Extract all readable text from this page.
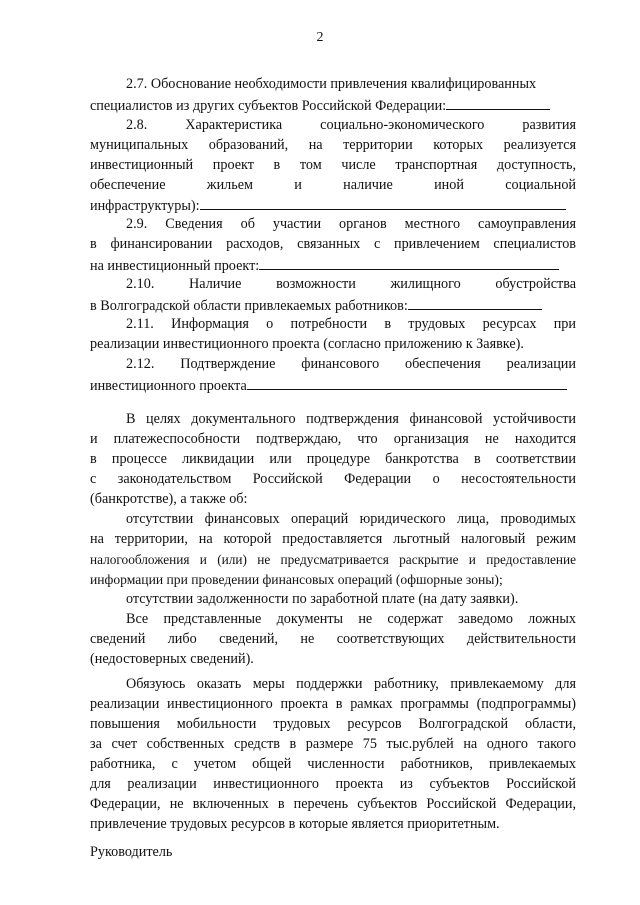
2
2.7. Обоснование необходимости привлечения квалифицированных
специалистов из других субъектов Российской Федерации:
2.8.	Характеристика	социально-экономического	развития
муниципальных образований, на территории которых реализуется
инвестиционный проект в том числе транспортная доступность,
обеспечение	жильем	и	наличие	иной	социальной
инфраструктуры):
2.9. Сведения об участии органов местного самоуправления
в финансировании расходов, связанных с привлечением специалистов
на инвестиционный проект:
2.10. Наличие возможности жилищного обустройства
в Волгоградской области привлекаемых работников:
2.11. Информация о потребности в трудовых ресурсах при
реализации инвестиционного проекта (согласно приложению к Заявке).
2.12. Подтверждение финансового обеспечения реализации
инвестиционного проекта
В целях документального подтверждения финансовой устойчивости
и платежеспособности подтверждаю, что организация не находится
в процессе ликвидации или процедуре банкротства в соответствии
с законодательством Российской Федерации о несостоятельности
(банкротстве), а также об:
отсутствии финансовых операций юридического лица, проводимых
на территории, на которой предоставляется льготный налоговый режим
налогообложения и (или) не предусматривается раскрытие и предоставление
информации при проведении финансовых операций (офшорные зоны);
отсутствии задолженности по заработной плате (на дату заявки).
Все представленные документы не содержат заведомо ложных
сведений либо сведений, не соответствующих действительности
(недостоверных сведений).
Обязуюсь оказать меры поддержки работнику, привлекаемому для
реализации инвестиционного проекта в рамках программы (подпрограммы)
повышения мобильности трудовых ресурсов Волгоградской области,
за счет собственных средств в размере 75 тыс.рублей на одного такого
работника, с учетом общей численности работников, привлекаемых
для реализации инвестиционного проекта из субъектов Российской
Федерации, не включенных в перечень субъектов Российской Федерации,
привлечение трудовых ресурсов в которые является приоритетным.
Руководитель
